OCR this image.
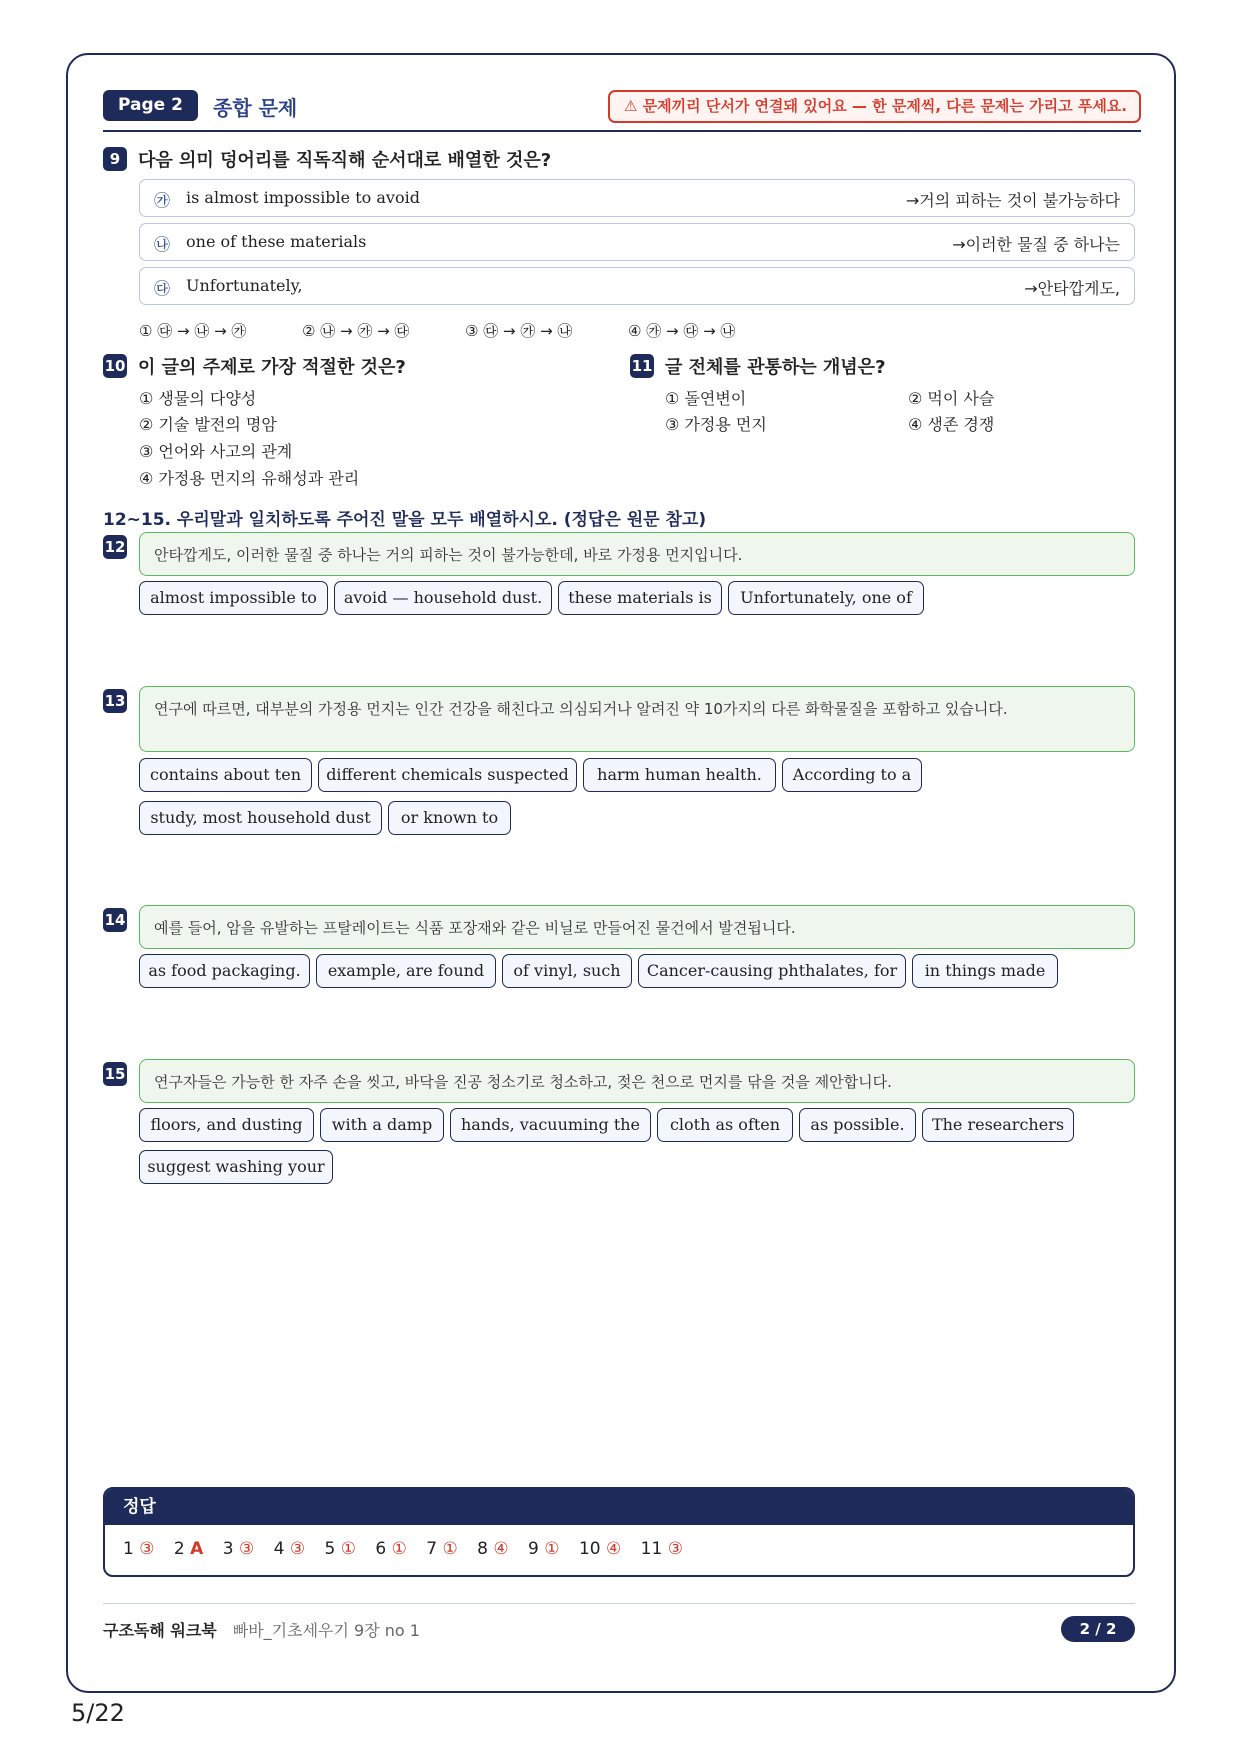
Page 2	종합 문제	⚠ 문제끼리 단서가 연결돼 있어요 — 한 문제씩, 다른 문제는 가리고 푸세요.
9 다음 의미 덩어리를 직독직해 순서대로 배열한 것은?
㉮ is almost impossible to avoid	→거의 피하는 것이 불가능하다
㉯ one of these materials	→이러한 물질 중 하나는
㉰ Unfortunately,	→안타깝게도,
① ㉰ → ㉯ → ㉮	② ㉯ → ㉮ → ㉰	③ ㉰ → ㉮ → ㉯	④ ㉮ → ㉰ → ㉯
10 이 글의 주제로 가장 적절한 것은?
① 생물의 다양성
② 기술 발전의 명암
③ 언어와 사고의 관계
④ 가정용 먼지의 유해성과 관리
11 글 전체를 관통하는 개념은?
① 돌연변이	② 먹이 사슬
③ 가정용 먼지	④ 생존 경쟁
12~15. 우리말과 일치하도록 주어진 말을 모두 배열하시오. (정답은 원문 참고)
12	안타깝게도, 이러한 물질 중 하나는 거의 피하는 것이 불가능한데, 바로 가정용 먼지입니다.
almost impossible to	avoid — household dust.	these materials is	Unfortunately, one of
13	연구에 따르면, 대부분의 가정용 먼지는 인간 건강을 해친다고 의심되거나 알려진 약 10가지의 다른 화학물질을 포함하고 있습니다.
contains about ten	different chemicals suspected	harm human health.	According to a
study, most household dust	or known to
14	예를 들어, 암을 유발하는 프탈레이트는 식품 포장재와 같은 비닐로 만들어진 물건에서 발견됩니다.
as food packaging.	example, are found	of vinyl, such	Cancer-causing phthalates, for	in things made
15	연구자들은 가능한 한 자주 손을 씻고, 바닥을 진공 청소기로 청소하고, 젖은 천으로 먼지를 닦을 것을 제안합니다.
floors, and dusting	with a damp	hands, vacuuming the	cloth as often	as possible.	The researchers
suggest washing your
정답
1 ③ 2 A 3 ③ 4 ③ 5 ① 6 ① 7 ① 8 ④ 9 ① 10 ④ 11 ③
구조독해 워크북 빠바_기초세우기 9장 no 1	2 / 2
5/22
